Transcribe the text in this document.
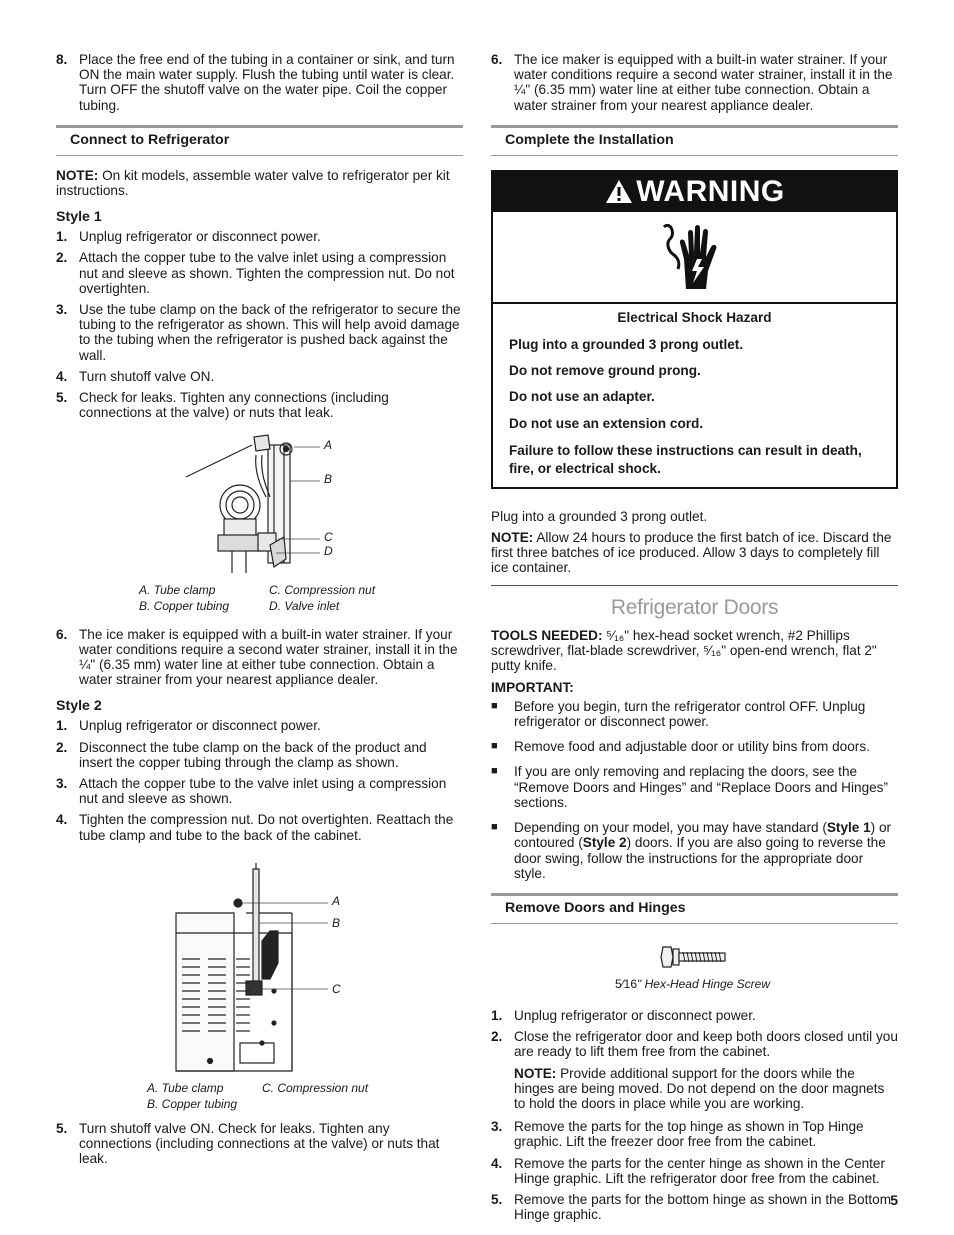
8. Place the free end of the tubing in a container or sink, and turn ON the main water supply. Flush the tubing until water is clear. Turn OFF the shutoff valve on the water pipe. Coil the copper tubing.
Connect to Refrigerator

NOTE: On kit models, assemble water valve to refrigerator per kit instructions.

Style 1
1. Unplug refrigerator or disconnect power.
2. Attach the copper tube to the valve inlet using a compression nut and sleeve as shown. Tighten the compression nut. Do not overtighten.
3. Use the tube clamp on the back of the refrigerator to secure the tubing to the refrigerator as shown. This will help avoid damage to the tubing when the refrigerator is pushed back against the wall.
4. Turn shutoff valve ON.
5. Check for leaks. Tighten any connections (including connections at the valve) or nuts that leak.
A
B
C
D
A. Tube clamp
B. Copper tubing
C. Compression nut
D. Valve inlet
6. The ice maker is equipped with a built-in water strainer. If your water conditions require a second water strainer, install it in the ¼" (6.35 mm) water line at either tube connection. Obtain a water strainer from your nearest appliance dealer.
Style 2
1. Unplug refrigerator or disconnect power.
2. Disconnect the tube clamp on the back of the product and insert the copper tubing through the clamp as shown.
3. Attach the copper tube to the valve inlet using a compression nut and sleeve as shown.
4. Tighten the compression nut. Do not overtighten. Reattach the tube clamp and tube to the back of the cabinet.
A
B
C
A. Tube clamp
B. Copper tubing
C. Compression nut
5. Turn shutoff valve ON. Check for leaks. Tighten any connections (including connections at the valve) or nuts that leak.
6. The ice maker is equipped with a built-in water strainer. If your water conditions require a second water strainer, install it in the ¼" (6.35 mm) water line at either tube connection. Obtain a water strainer from your nearest appliance dealer.
Complete the Installation
WARNING
Electrical Shock Hazard
Plug into a grounded 3 prong outlet.
Do not remove ground prong.
Do not use an adapter.
Do not use an extension cord.
Failure to follow these instructions can result in death, fire, or electrical shock.

Plug into a grounded 3 prong outlet.

NOTE: Allow 24 hours to produce the first batch of ice. Discard the first three batches of ice produced. Allow 3 days to completely fill ice container.

Refrigerator Doors

TOOLS NEEDED: ⁵⁄₁₆" hex-head socket wrench, #2 Phillips screwdriver, flat-blade screwdriver, ⁵⁄₁₆" open-end wrench, flat 2" putty knife.

IMPORTANT:

■	Before you begin, turn the refrigerator control OFF. Unplug refrigerator or disconnect power.
■	Remove food and adjustable door or utility bins from doors.
■	If you are only removing and replacing the doors, see the “Remove Doors and Hinges” and “Replace Doors and Hinges” sections.
■	Depending on your model, you may have standard (Style 1) or contoured (Style 2) doors. If you are also going to reverse the door swing, follow the instructions for the appropriate door style.
Remove Doors and Hinges
5⁄16" Hex-Head Hinge Screw
1. Unplug refrigerator or disconnect power.
2. Close the refrigerator door and keep both doors closed until you are ready to lift them free from the cabinet.

NOTE: Provide additional support for the doors while the hinges are being moved. Do not depend on the door magnets to hold the doors in place while you are working.

3. Remove the parts for the top hinge as shown in Top Hinge graphic. Lift the freezer door free from the cabinet.
4. Remove the parts for the center hinge as shown in the Center Hinge graphic. Lift the refrigerator door free from the cabinet.
5. Remove the parts for the bottom hinge as shown in the Bottom Hinge graphic.
5
